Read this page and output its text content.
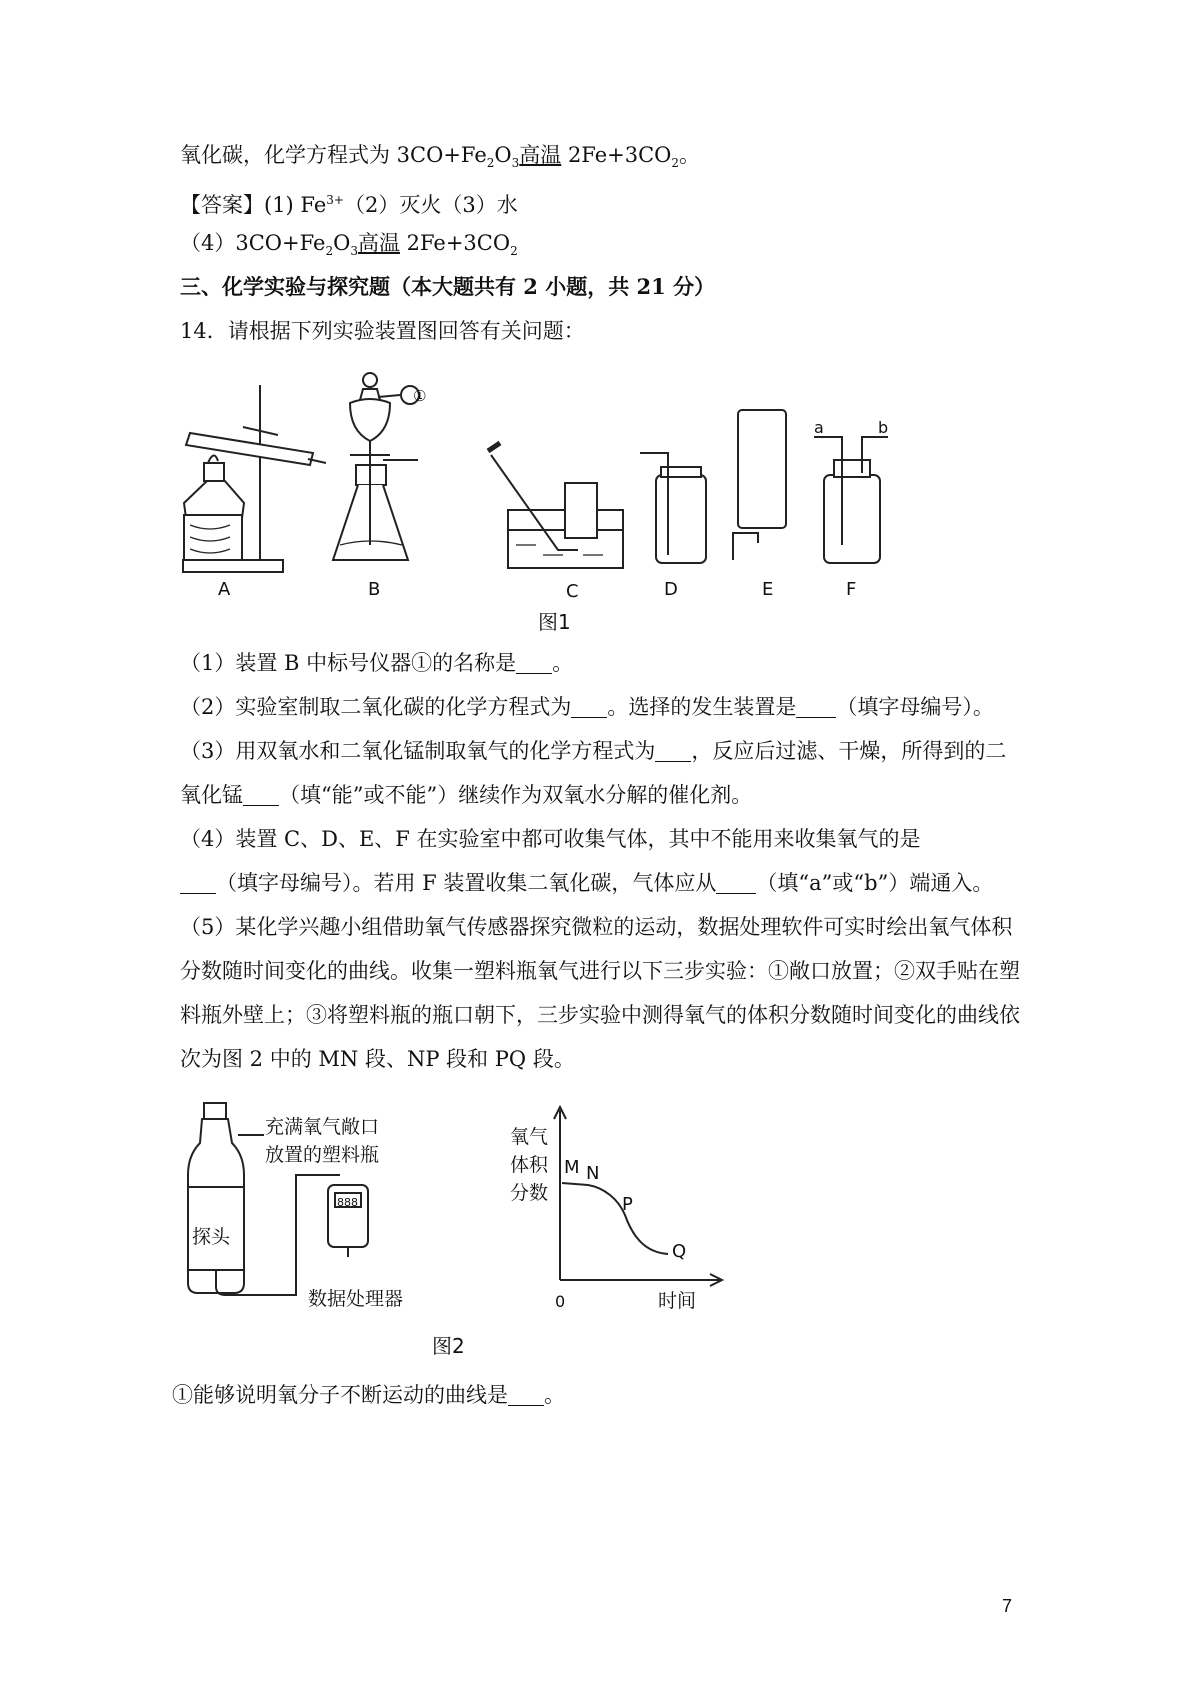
氧化碳，化学方程式为 $3CO+Fe_2O_3$高温 $2Fe+3CO_2$。
【答案】(1) $Fe^{3+}(2)$灭火（3）水
$(4)3CO+Fe_2O_3$高温 $2Fe+3CO_2$
三、化学实验与探究题（本大题共有 2 小题，共 21 分）
14．请根据下列实验装置图回答有关问题：
①
a	b
A	B	C	D	E	F
图1
（1）装置 B 中标号仪器①的名称是 。
（2）实验室制取二氧化碳的化学方程式为 。选择的发生装置是 （填字母编号）。
（3）用双氧水和二氧化锰制取氧气的化学方程式为 ，反应后过滤、干燥，所得到的二
氧化锰 （填“能”或不能”）继续作为双氧水分解的催化剂。
（4）装置 C、D、E、F 在实验室中都可收集气体，其中不能用来收集氧气的是
（填字母编号）。若用 F 装置收集二氧化碳，气体应从 （填“a”或“b”）端通入。
（5）某化学兴趣小组借助氧气传感器探究微粒的运动，数据处理软件可实时绘出氧气体积
分数随时间变化的曲线。收集一塑料瓶氧气进行以下三步实验：①敞口放置；②双手贴在塑
料瓶外壁上；③将塑料瓶的瓶口朝下，三步实验中测得氧气的体积分数随时间变化的曲线依
次为图 2 中的 MN 段、NP 段和 PQ 段。
充满氧气敞口
放置的塑料瓶
探头
888
数据处理器
氧气
体积
分数
0	时间
M N
P
Q
图2
①能够说明氧分子不断运动的曲线是 。
7
